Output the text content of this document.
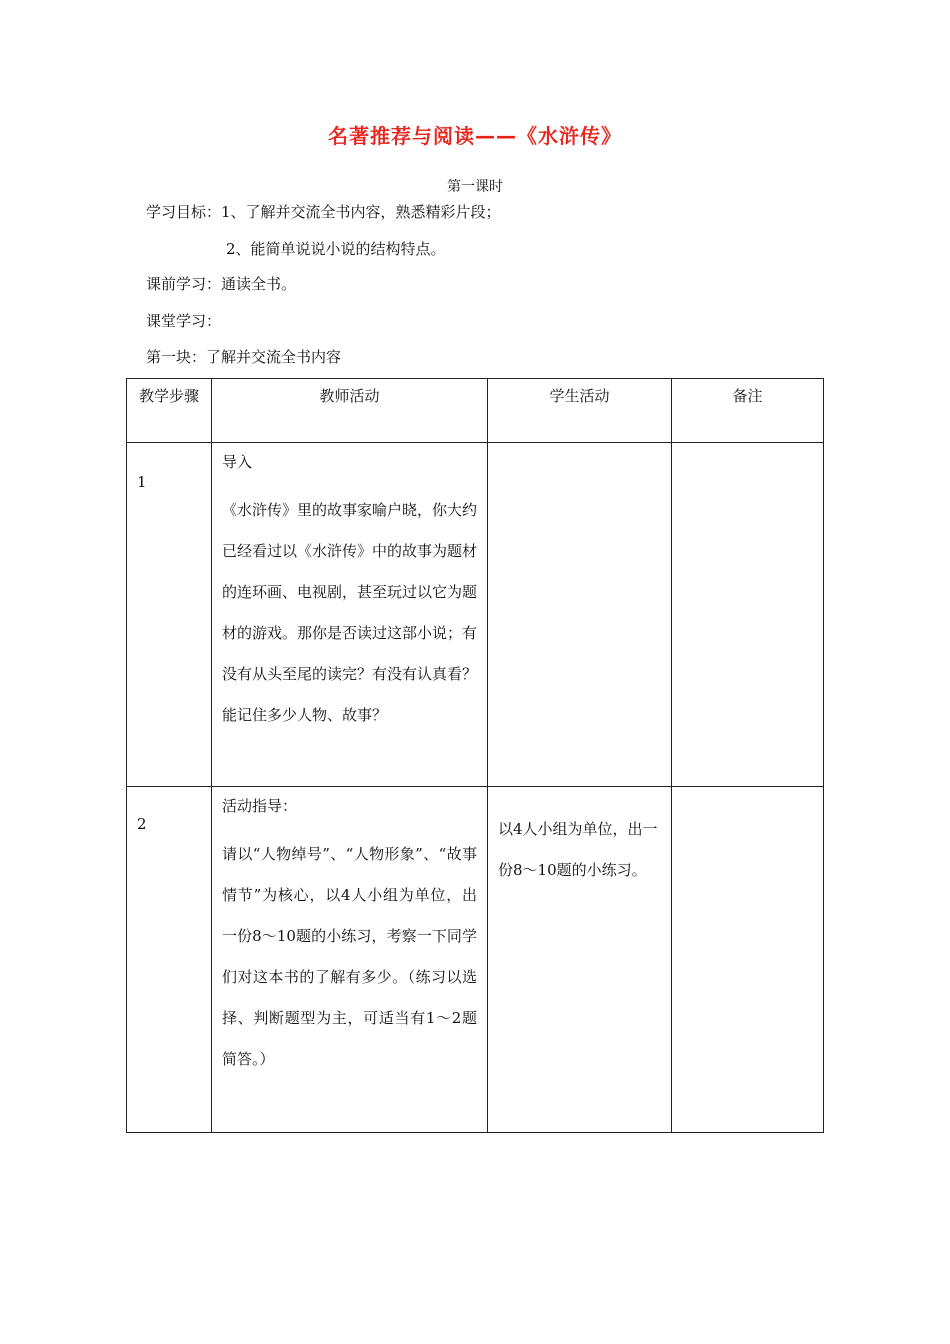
名著推荐与阅读——《水浒传》
第一课时
学习目标：1、了解并交流全书内容，熟悉精彩片段；
2、能简单说说小说的结构特点。
课前学习：通读全书。
课堂学习：
第一块：了解并交流全书内容
教学步骤	教师活动	学生活动	备注
1	导入
《水浒传》里的故事家喻户晓，你大约已经看过以《水浒传》中的故事为题材的连环画、电视剧，甚至玩过以它为题材的游戏。那你是否读过这部小说；有没有从头至尾的读完？有没有认真看？能记住多少人物、故事？		

2	活动指导：
请以“人物绰号”、“人物形象”、“故事情节”为核心，以4人小组为单位，出一份8～10题的小练习，考察一下同学们对这本书的了解有多少。（练习以选择、判断题型为主，可适当有1～2题简答。）	以4人小组为单位，出一份8～10题的小练习。	
